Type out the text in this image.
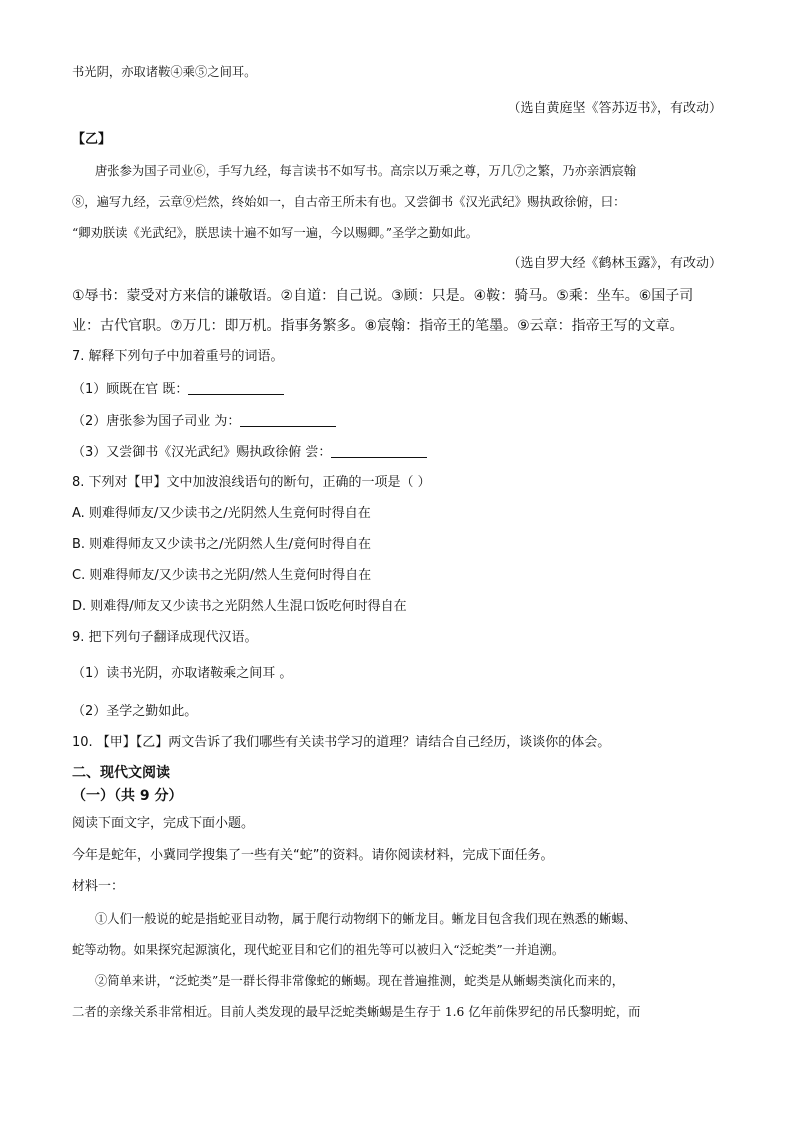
书光阴，亦取诸鞍④乘⑤之间耳。
（选自黄庭坚《答苏迈书》，有改动）
【乙】
唐张参为国子司业⑥，手写九经，每言读书不如写书。高宗以万乘之尊，万几⑦之繁，乃亦亲洒宸翰
⑧，遍写九经，云章⑨烂然，终始如一，自古帝王所未有也。又尝御书《汉光武纪》赐执政徐俯，曰：
“卿劝朕读《光武纪》，朕思读十遍不如写一遍，今以赐卿。”圣学之勤如此。
（选自罗大经《鹤林玉露》，有改动）
①辱书：蒙受对方来信的谦敬语。②自道：自己说。③顾：只是。④鞍：骑马。⑤乘：坐车。⑥国子司
业：古代官职。⑦万几：即万机。指事务繁多。⑧宸翰：指帝王的笔墨。⑨云章：指帝王写的文章。
7. 解释下列句子中加着重号的词语。
（1）顾既在官 既：
（2）唐张参为国子司业 为：
（3）又尝御书《汉光武纪》赐执政徐俯 尝：
8. 下列对【甲】文中加波浪线语句的断句，正确的一项是（ ）
A. 则难得师友/又少读书之/光阴然人生竟何时得自在
B. 则难得师友又少读书之/光阴然人生/竟何时得自在
C. 则难得师友/又少读书之光阴/然人生竟何时得自在
D. 则难得/师友又少读书之光阴然人生混口饭吃何时得自在
9. 把下列句子翻译成现代汉语。
（1）读书光阴，亦取诸鞍乘之间耳 。
（2）圣学之勤如此。
10. 【甲】【乙】两文告诉了我们哪些有关读书学习的道理？请结合自己经历，谈谈你的体会。
二、现代文阅读
（一）（共 9 分）
阅读下面文字，完成下面小题。
今年是蛇年，小冀同学搜集了一些有关“蛇”的资料。请你阅读材料，完成下面任务。
材料一：
①人们一般说的蛇是指蛇亚目动物，属于爬行动物纲下的蜥龙目。蜥龙目包含我们现在熟悉的蜥蜴、
蛇等动物。如果探究起源演化，现代蛇亚目和它们的祖先等可以被归入“泛蛇类”一并追溯。
②简单来讲，“泛蛇类”是一群长得非常像蛇的蜥蜴。现在普遍推测，蛇类是从蜥蜴类演化而来的，
二者的亲缘关系非常相近。目前人类发现的最早泛蛇类蜥蜴是生存于 1.6 亿年前侏罗纪的吊氏黎明蛇，而
